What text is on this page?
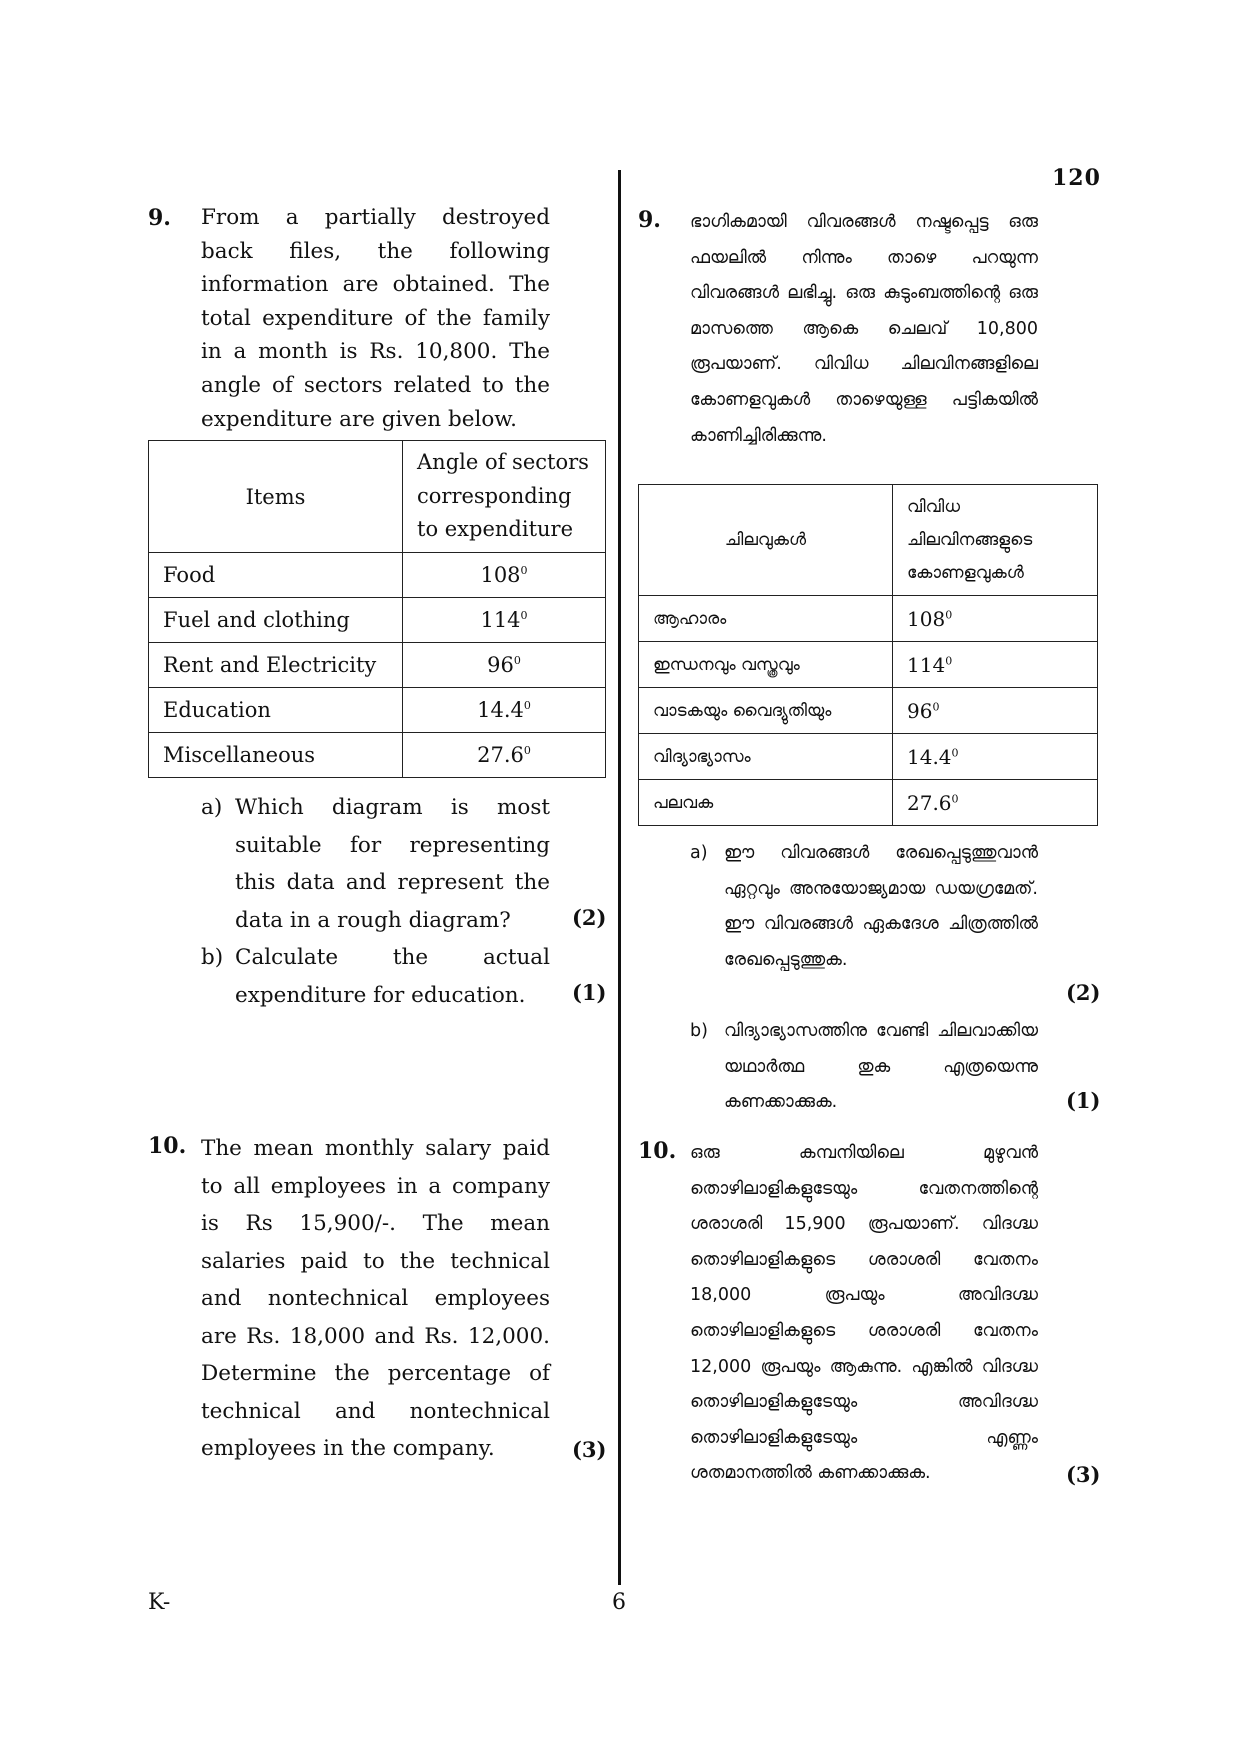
120
9. From a partially destroyed back files, the following information are obtained. The total expenditure of the family in a month is Rs. 10,800. The angle of sectors related to the expenditure are given below.
Items	Angle of sectors corresponding to expenditure
Food	$108^0$
Fuel and clothing	$114^0$
Rent and Electricity	$96^0$
Education	14.4$^0$
Miscellaneous	27.6$^0$
a) Which diagram is most suitable for representing this data and represent the data in a rough diagram?	(2)
b) Calculate the actual expenditure for education.	(1)
10. The mean monthly salary paid to all employees in a company is Rs 15,900/-. The mean salaries paid to the technical and nontechnical employees are Rs. 18,000 and Rs. 12,000. Determine the percentage of technical and nontechnical employees in the company.	(3)
9. ഭാഗികമായി വിവരങ്ങൾ നഷ്ടപ്പെട്ട ഒരു ഫയലിൽ നിന്നും താഴെ പറയുന്ന വിവരങ്ങൾ ലഭിച്ചു. ഒരു കുടുംബത്തിന്റെ ഒരു മാസത്തെ ആകെ ചെലവ് 10,800 രൂപയാണ്. വിവിധ ചിലവിനങ്ങളിലെ കോണളവുകൾ താഴെയുള്ള പട്ടികയിൽ കാണിച്ചിരിക്കുന്നു.
ചിലവുകൾ	വിവിധ ചിലവിനങ്ങളുടെ കോണളവുകൾ
ആഹാരം	$108^0$
ഇന്ധനവും വസ്ത്രവും	$114^0$
വാടകയും വൈദ്യുതിയും	$96^0$
വിദ്യാഭ്യാസം	14.4$^0$
പലവക	27.6$^0$
a) ഈ വിവരങ്ങൾ രേഖപ്പെടുത്തുവാൻ ഏറ്റവും അനുയോജ്യമായ ഡയഗ്രമേത്. ഈ വിവരങ്ങൾ ഏകദേശ ചിത്രത്തിൽ രേഖപ്പെടുത്തുക.
(2)
b) വിദ്യാഭ്യാസത്തിനു വേണ്ടി ചിലവാക്കിയ യഥാർത്ഥ തുക എത്രയെന്നു കണക്കാക്കുക.	(1)
10. ഒരു കമ്പനിയിലെ മുഴുവൻ തൊഴിലാളികളുടേയും വേതനത്തിന്റെ ശരാശരി 15,900 രൂപയാണ്. വിദഗ്ദ്ധ തൊഴിലാളികളുടെ ശരാശരി വേതനം 18,000 രൂപയും അവിദഗ്ദ്ധ തൊഴിലാളികളുടെ ശരാശരി വേതനം 12,000 രൂപയും ആകുന്നു. എങ്കിൽ വിദഗ്ദ്ധ തൊഴിലാളികളുടേയും അവിദഗ്ദ്ധ തൊഴിലാളികളുടേയും എണ്ണം ശതമാനത്തിൽ കണക്കാക്കുക.	(3)
K-	6
